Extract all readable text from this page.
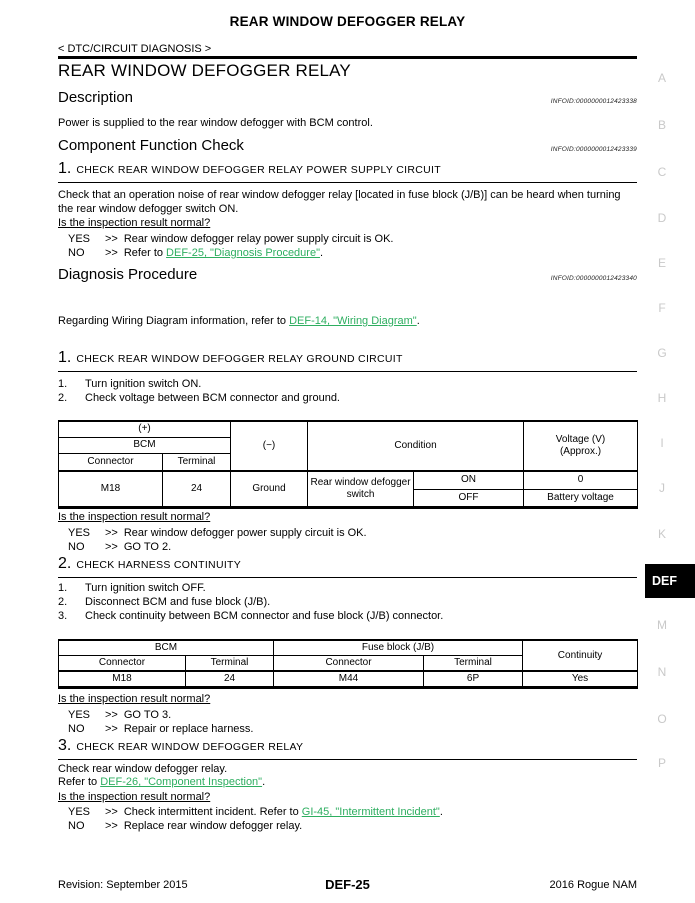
REAR WINDOW DEFOGGER RELAY
< DTC/CIRCUIT DIAGNOSIS >
REAR WINDOW DEFOGGER RELAY
Description	INFOID:0000000012423338
Power is supplied to the rear window defogger with BCM control.
Component Function Check	INFOID:0000000012423339
1. CHECK REAR WINDOW DEFOGGER RELAY POWER SUPPLY CIRCUIT
Check that an operation noise of rear window defogger relay [located in fuse block (J/B)] can be heard when turning the rear window defogger switch ON.
Is the inspection result normal?
YES	>> Rear window defogger relay power supply circuit is OK.
NO	>> Refer to DEF-25, "Diagnosis Procedure".
Diagnosis Procedure	INFOID:0000000012423340
Regarding Wiring Diagram information, refer to DEF-14, "Wiring Diagram".
1. CHECK REAR WINDOW DEFOGGER RELAY GROUND CIRCUIT
1.	Turn ignition switch ON.
2.	Check voltage between BCM connector and ground.
(+)		(−)	Condition		Voltage (V)
(Approx.)

BCM					
Connector	Terminal				
M18	24	Ground	Rear window defogger switch	ON	0
				OFF	Battery voltage
Is the inspection result normal?
YES	>> Rear window defogger power supply circuit is OK.
NO	>> GO TO 2.
2. CHECK HARNESS CONTINUITY
1.	Turn ignition switch OFF.
2.	Disconnect BCM and fuse block (J/B).
3.	Check continuity between BCM connector and fuse block (J/B) connector.
BCM		Fuse block (J/B)		Continuity
Connector	Terminal	Connector	Terminal	
M18	24	M44	6P	Yes
Is the inspection result normal?
YES	>> GO TO 3.
NO	>> Repair or replace harness.
3. CHECK REAR WINDOW DEFOGGER RELAY
Check rear window defogger relay.
Refer to DEF-26, "Component Inspection".
Is the inspection result normal?
YES	>> Check intermittent incident. Refer to GI-45, "Intermittent Incident".
NO	>> Replace rear window defogger relay.
A
B
C
D
E
F
G
H
I
J
K
DEF
M
N
O
P
Revision: September 2015	DEF-25	2016 Rogue NAM
